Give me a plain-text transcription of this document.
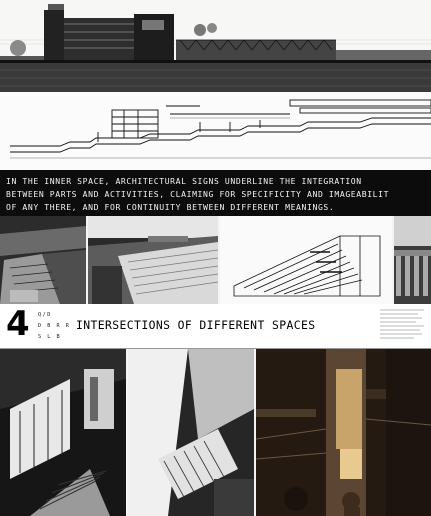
IN THE INNER SPACE, ARCHITECTURAL SIGNS UNDERLINE THE INTEGRATION
BETWEEN PARTS AND ACTIVITIES, CLAIMING FOR SPECIFICITY AND IMAGEABILIT
OF ANY THERE, AND FOR CONTINUITY BETWEEN DIFFERENT MEANINGS.
4 Q/D
D B R R
S L B
INTERSECTIONS OF DIFFERENT SPACES
